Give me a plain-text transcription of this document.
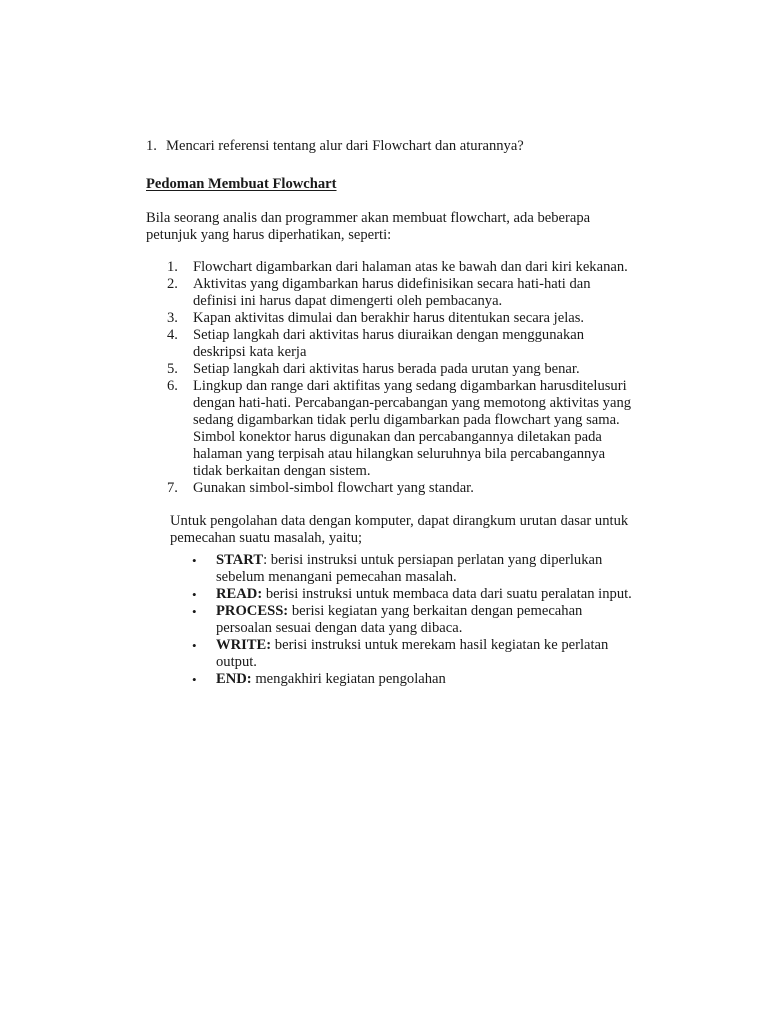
1. Mencari referensi tentang alur dari Flowchart dan aturannya?
Pedoman Membuat Flowchart
Bila seorang analis dan programmer akan membuat flowchart, ada beberapa
petunjuk yang harus diperhatikan, seperti:
1. Flowchart digambarkan dari halaman atas ke bawah dan dari kiri kekanan.
2. Aktivitas yang digambarkan harus didefinisikan secara hati-hati dan
definisi ini harus dapat dimengerti oleh pembacanya.
3. Kapan aktivitas dimulai dan berakhir harus ditentukan secara jelas.
4. Setiap langkah dari aktivitas harus diuraikan dengan menggunakan
deskripsi kata kerja
5. Setiap langkah dari aktivitas harus berada pada urutan yang benar.
6. Lingkup dan range dari aktifitas yang sedang digambarkan harusditelusuri
dengan hati-hati. Percabangan-percabangan yang memotong aktivitas yang
sedang digambarkan tidak perlu digambarkan pada flowchart yang sama.
Simbol konektor harus digunakan dan percabangannya diletakan pada
halaman yang terpisah atau hilangkan seluruhnya bila percabangannya
tidak berkaitan dengan sistem.
7. Gunakan simbol-simbol flowchart yang standar.
Untuk pengolahan data dengan komputer, dapat dirangkum urutan dasar untuk
pemecahan suatu masalah, yaitu;
• START: berisi instruksi untuk persiapan perlatan yang diperlukan
sebelum menangani pemecahan masalah.
• READ: berisi instruksi untuk membaca data dari suatu peralatan input.
• PROCESS: berisi kegiatan yang berkaitan dengan pemecahan
persoalan sesuai dengan data yang dibaca.
• WRITE: berisi instruksi untuk merekam hasil kegiatan ke perlatan
output.
• END: mengakhiri kegiatan pengolahan
